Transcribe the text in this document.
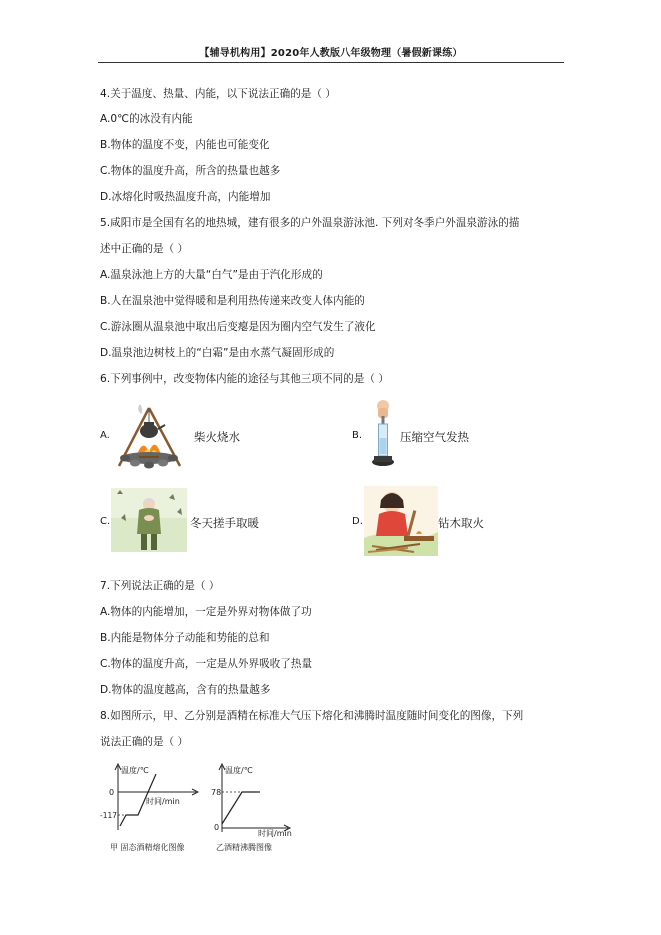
【辅导机构用】2020年人教版八年级物理（暑假新课练）
4.关于温度、热量、内能，以下说法正确的是（ ）
A.0℃的冰没有内能
B.物体的温度不变，内能也可能变化
C.物体的温度升高，所含的热量也越多
D.冰熔化时吸热温度升高，内能增加
5.咸阳市是全国有名的地热城，建有很多的户外温泉游泳池. 下列对冬季户外温泉游泳的描
述中正确的是（ ）
A.温泉泳池上方的大量“白气”是由于汽化形成的
B.人在温泉池中觉得暖和是利用热传递来改变人体内能的
C.游泳圈从温泉池中取出后变瘪是因为圈内空气发生了液化
D.温泉池边树枝上的“白霜”是由水蒸气凝固形成的
6.下列事例中，改变物体内能的途径与其他三项不同的是（ ）
A.	柴火烧水	B.	压缩空气发热
C.	冬天搓手取暖	D.	钻木取火
7.下列说法正确的是（ ）
A.物体的内能增加，一定是外界对物体做了功
B.内能是物体分子动能和势能的总和
C.物体的温度升高，一定是从外界吸收了热量
D.物体的温度越高，含有的热量越多
8.如图所示，甲、乙分别是酒精在标准大气压下熔化和沸腾时温度随时间变化的图像，下列
说法正确的是（ ）
温度/℃
时间/min
0
-117
甲 固态酒精熔化图像
温度/℃
时间/min
78
0
乙酒精沸腾图像
